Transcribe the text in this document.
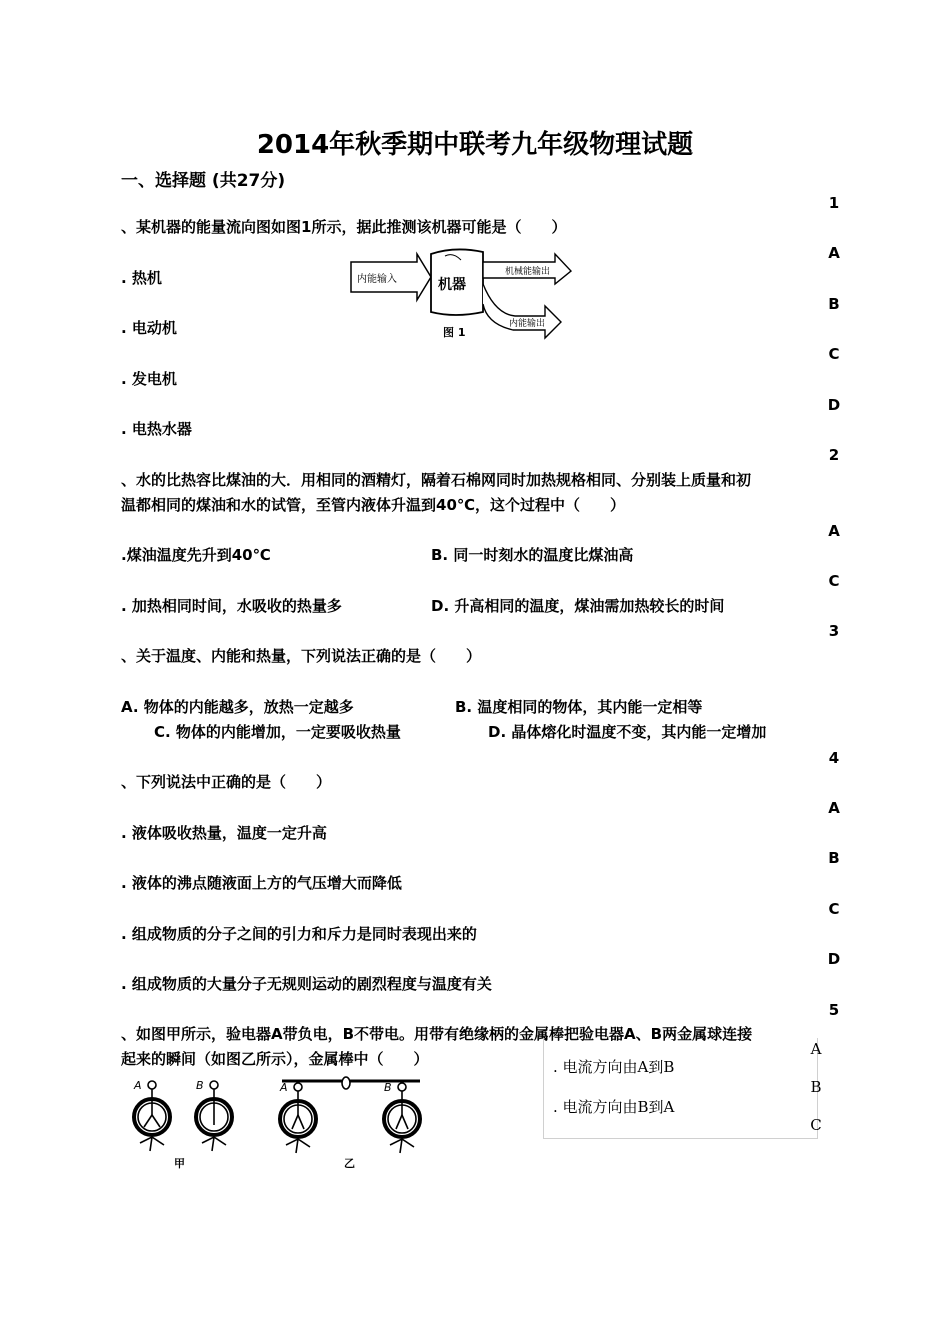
2014年秋季期中联考九年级物理试题
一、选择题 (共27分)
1
、某机器的能量流向图如图1所示，据此推测该机器可能是（　　）
A
. 热机
B
. 电动机
C
. 发电机
D
. 电热水器
内能输入	机器
机械能输出
内能输出
图 1
2
、水的比热容比煤油的大．用相同的酒精灯，隔着石棉网同时加热规格相同、分别装上质量和初
温都相同的煤油和水的试管，至管内液体升温到40℃，这个过程中（　　）
A
.煤油温度先升到40℃	B. 同一时刻水的温度比煤油高
C
. 加热相同时间，水吸收的热量多	D. 升高相同的温度，煤油需加热较长的时间
3
、关于温度、内能和热量，下列说法正确的是（　　）
A. 物体的内能越多，放热一定越多	B. 温度相同的物体，其内能一定相等
C. 物体的内能增加，一定要吸收热量	D. 晶体熔化时温度不变，其内能一定增加
4
、下列说法中正确的是（　　）
A
. 液体吸收热量，温度一定升高
B
. 液体的沸点随液面上方的气压增大而降低
C
. 组成物质的分子之间的引力和斥力是同时表现出来的
D
. 组成物质的大量分子无规则运动的剧烈程度与温度有关
5
、如图甲所示，验电器A带负电，B不带电。用带有绝缘柄的金属棒把验电器A、B两金属球连接
起来的瞬间（如图乙所示），金属棒中（　　）	. 电流方向由A到B
. 电流方向由B到A
A
B
C
A	B	A	B
甲	乙
